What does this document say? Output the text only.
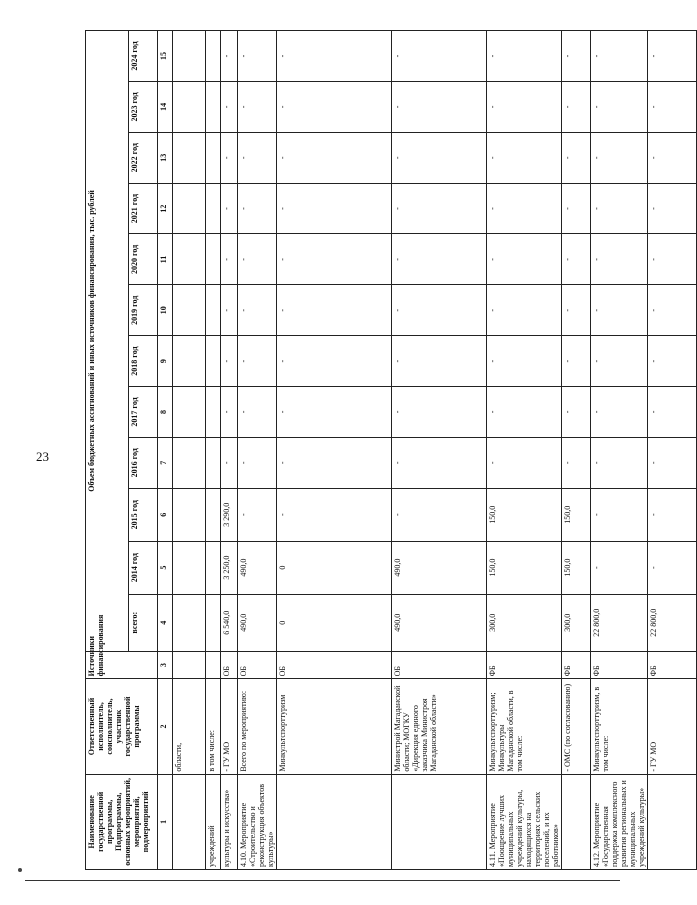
23
Наименование государственной программы, Подпрограммы, основных мероприятий, мероприятий, подмероприятий	Ответственный исполнитель, соисполнитель, участник государственной программы	Источники финансирования	Объем бюджетных ассигнований и иных источников финансирования, тыс. рублей											
			всего:	2014 год	2015 год	2016 год	2017 год	2018 год	2019 год	2020 год	2021 год	2022 год	2023 год	2024 год
1	2	3	4	5	6	7	8	9	10	11	12	13	14	15
	области,													
учреждений	в том числе:													
культуры и искусства»	- ГУ МО	ОБ	6 540,0	3 250,0	3 290,0	-	-	-	-	-	-	-	-	-
4.10. Мероприятие «Строительство и реконструкция объектов культуры»	Всего по мероприятию:	ОБ	490,0	490,0	-	-	-	-	-	-	-	-	-	-
	Минкультспорттуризм	ОБ	0	0	-	-	-	-	-	-	-	-	-	-
	Министрой Магаданской области; МОГКУ «Дирекция единого заказчика Министроя Магаданской области»	ОБ	490,0	490,0	-	-	-	-	-	-	-	-	-	-
4.11. Мероприятие «Поощрение лучших муниципальных учреждений культуры, находящихся на территориях сельских поселений, и их работников»	Минкультспорттуризм; Минкультуры Магаданской области, в том числе:	ФБ	300,0	150,0	150,0	-	-	-	-	-	-	-	-	-
	- ОМС (по согласованию)	ФБ	300,0	150,0	150,0	-	-	-	-	-	-	-	-	-
4.12. Мероприятие «Государственная поддержка комплексного развития региональных и муниципальных учреждений культуры»	Минкультспорттуризм, в том числе:	ФБ	22 800,0	-	-	-	-	-	-	-	-	-	-	-
	- ГУ МО	ФБ	22 800,0	-	-	-	-	-	-	-	-	-	-	-
